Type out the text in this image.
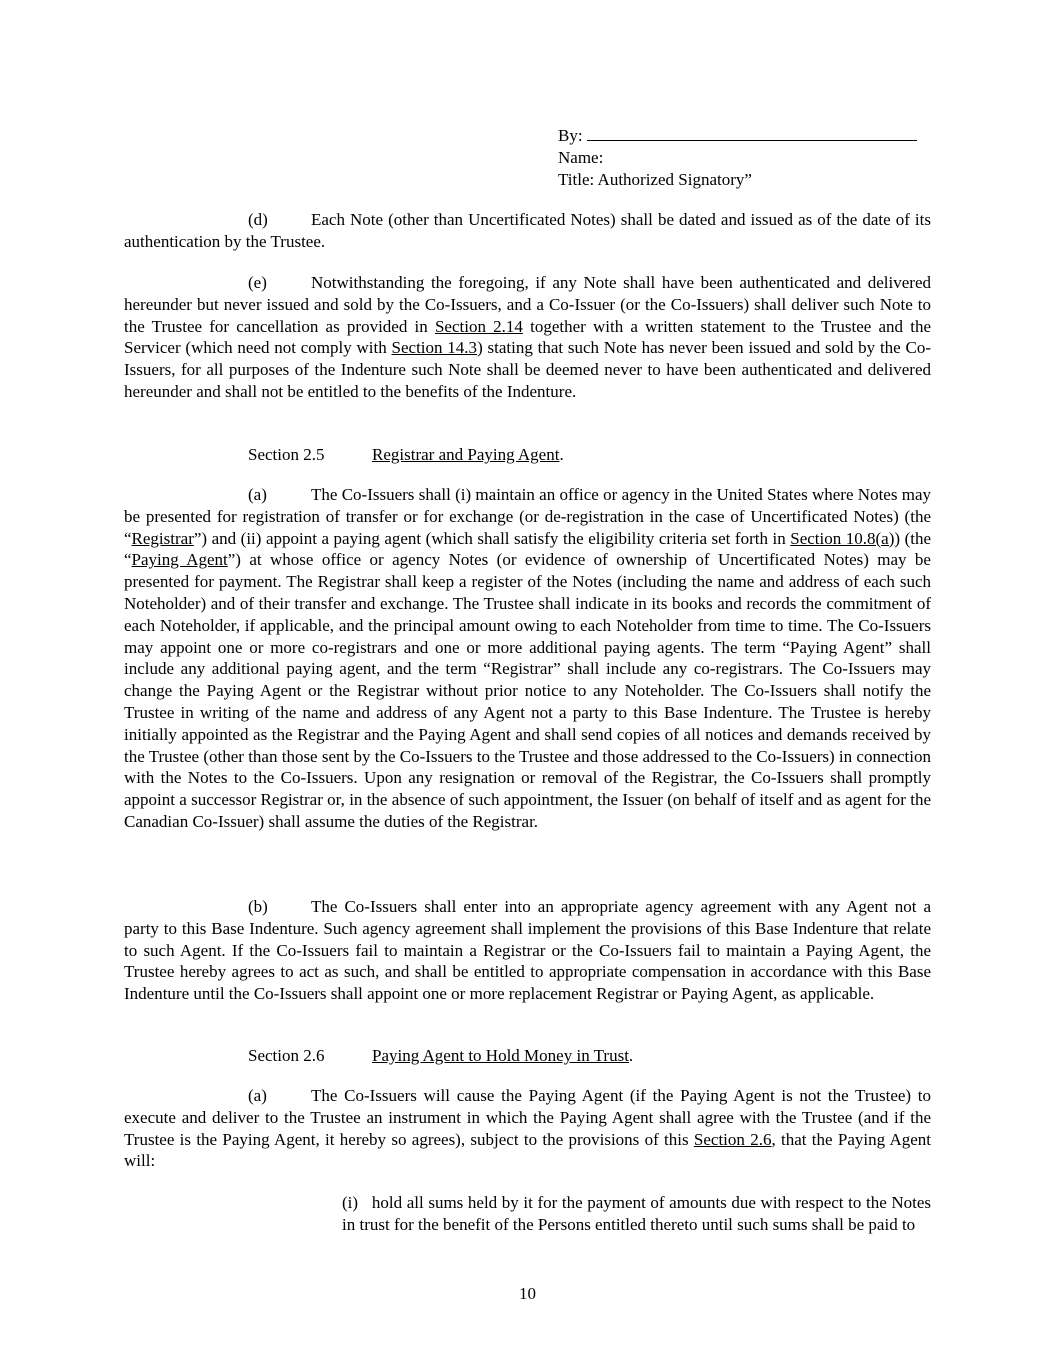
By:
Name:
Title: Authorized Signatory”
(d)	Each Note (other than Uncertificated Notes) shall be dated and issued as of the date of its authentication by the Trustee.
(e)	Notwithstanding the foregoing, if any Note shall have been authenticated and delivered hereunder but never issued and sold by the Co-Issuers, and a Co-Issuer (or the Co-Issuers) shall deliver such Note to the Trustee for cancellation as provided in Section 2.14 together with a written statement to the Trustee and the Servicer (which need not comply with Section 14.3) stating that such Note has never been issued and sold by the Co-Issuers, for all purposes of the Indenture such Note shall be deemed never to have been authenticated and delivered hereunder and shall not be entitled to the benefits of the Indenture.
Section 2.5	Registrar and Paying Agent.
(a)	The Co-Issuers shall (i) maintain an office or agency in the United States where Notes may be presented for registration of transfer or for exchange (or de-registration in the case of Uncertificated Notes) (the “Registrar”) and (ii) appoint a paying agent (which shall satisfy the eligibility criteria set forth in Section 10.8(a)) (the “Paying Agent”) at whose office or agency Notes (or evidence of ownership of Uncertificated Notes) may be presented for payment. The Registrar shall keep a register of the Notes (including the name and address of each such Noteholder) and of their transfer and exchange. The Trustee shall indicate in its books and records the commitment of each Noteholder, if applicable, and the principal amount owing to each Noteholder from time to time. The Co-Issuers may appoint one or more co-registrars and one or more additional paying agents. The term “Paying Agent” shall include any additional paying agent, and the term “Registrar” shall include any co-registrars. The Co-Issuers may change the Paying Agent or the Registrar without prior notice to any Noteholder. The Co-Issuers shall notify the Trustee in writing of the name and address of any Agent not a party to this Base Indenture. The Trustee is hereby initially appointed as the Registrar and the Paying Agent and shall send copies of all notices and demands received by the Trustee (other than those sent by the Co-Issuers to the Trustee and those addressed to the Co-Issuers) in connection with the Notes to the Co-Issuers. Upon any resignation or removal of the Registrar, the Co-Issuers shall promptly appoint a successor Registrar or, in the absence of such appointment, the Issuer (on behalf of itself and as agent for the Canadian Co-Issuer) shall assume the duties of the Registrar.
(b)	The Co-Issuers shall enter into an appropriate agency agreement with any Agent not a party to this Base Indenture. Such agency agreement shall implement the provisions of this Base Indenture that relate to such Agent. If the Co-Issuers fail to maintain a Registrar or the Co-Issuers fail to maintain a Paying Agent, the Trustee hereby agrees to act as such, and shall be entitled to appropriate compensation in accordance with this Base Indenture until the Co-Issuers shall appoint one or more replacement Registrar or Paying Agent, as applicable.
Section 2.6	Paying Agent to Hold Money in Trust.
(a)	The Co-Issuers will cause the Paying Agent (if the Paying Agent is not the Trustee) to execute and deliver to the Trustee an instrument in which the Paying Agent shall agree with the Trustee (and if the Trustee is the Paying Agent, it hereby so agrees), subject to the provisions of this Section 2.6, that the Paying Agent will:
(i) hold all sums held by it for the payment of amounts due with respect to the Notes in trust for the benefit of the Persons entitled thereto until such sums shall be paid to
10
